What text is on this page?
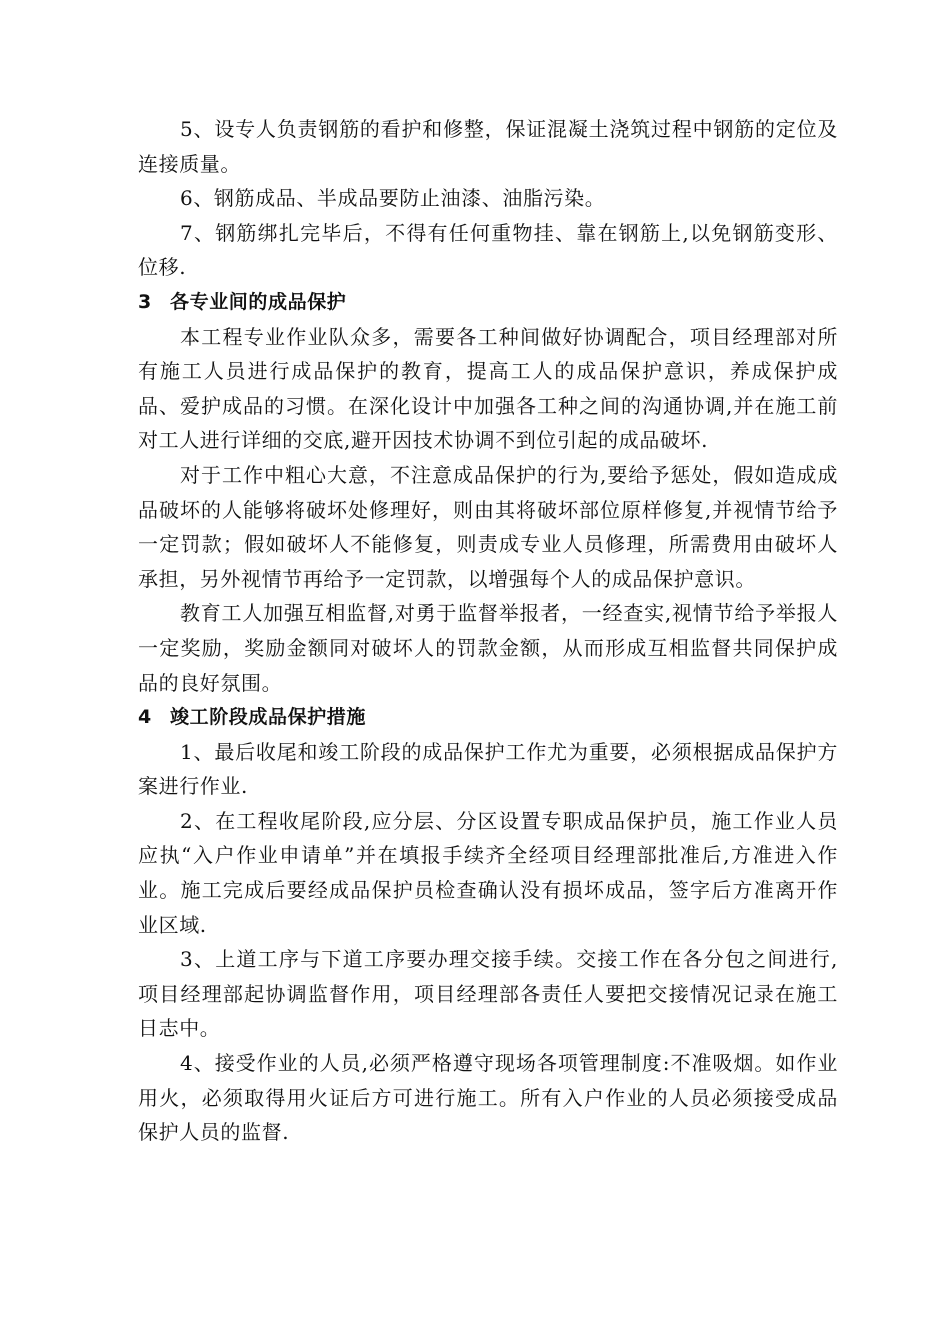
5、设专人负责钢筋的看护和修整，保证混凝土浇筑过程中钢筋的定位及连接质量。

6、钢筋成品、半成品要防止油漆、油脂污染。

7、钢筋绑扎完毕后，不得有任何重物挂、靠在钢筋上,以免钢筋变形、位移.

3 各专业间的成品保护

本工程专业作业队众多，需要各工种间做好协调配合，项目经理部对所有施工人员进行成品保护的教育，提高工人的成品保护意识，养成保护成品、爱护成品的习惯。在深化设计中加强各工种之间的沟通协调,并在施工前对工人进行详细的交底,避开因技术协调不到位引起的成品破坏.

对于工作中粗心大意，不注意成品保护的行为,要给予惩处，假如造成成品破坏的人能够将破坏处修理好，则由其将破坏部位原样修复,并视情节给予一定罚款；假如破坏人不能修复，则责成专业人员修理，所需费用由破坏人承担，另外视情节再给予一定罚款，以增强每个人的成品保护意识。

教育工人加强互相监督,对勇于监督举报者，一经查实,视情节给予举报人一定奖励，奖励金额同对破坏人的罚款金额，从而形成互相监督共同保护成品的良好氛围。

4 竣工阶段成品保护措施

1、最后收尾和竣工阶段的成品保护工作尤为重要，必须根据成品保护方案进行作业.

2、在工程收尾阶段,应分层、分区设置专职成品保护员，施工作业人员应执“入户作业申请单”并在填报手续齐全经项目经理部批准后,方准进入作业。施工完成后要经成品保护员检查确认没有损坏成品，签字后方准离开作业区域.

3、上道工序与下道工序要办理交接手续。交接工作在各分包之间进行,项目经理部起协调监督作用，项目经理部各责任人要把交接情况记录在施工日志中。

4、接受作业的人员,必须严格遵守现场各项管理制度:不准吸烟。如作业用火，必须取得用火证后方可进行施工。所有入户作业的人员必须接受成品保护人员的监督.
